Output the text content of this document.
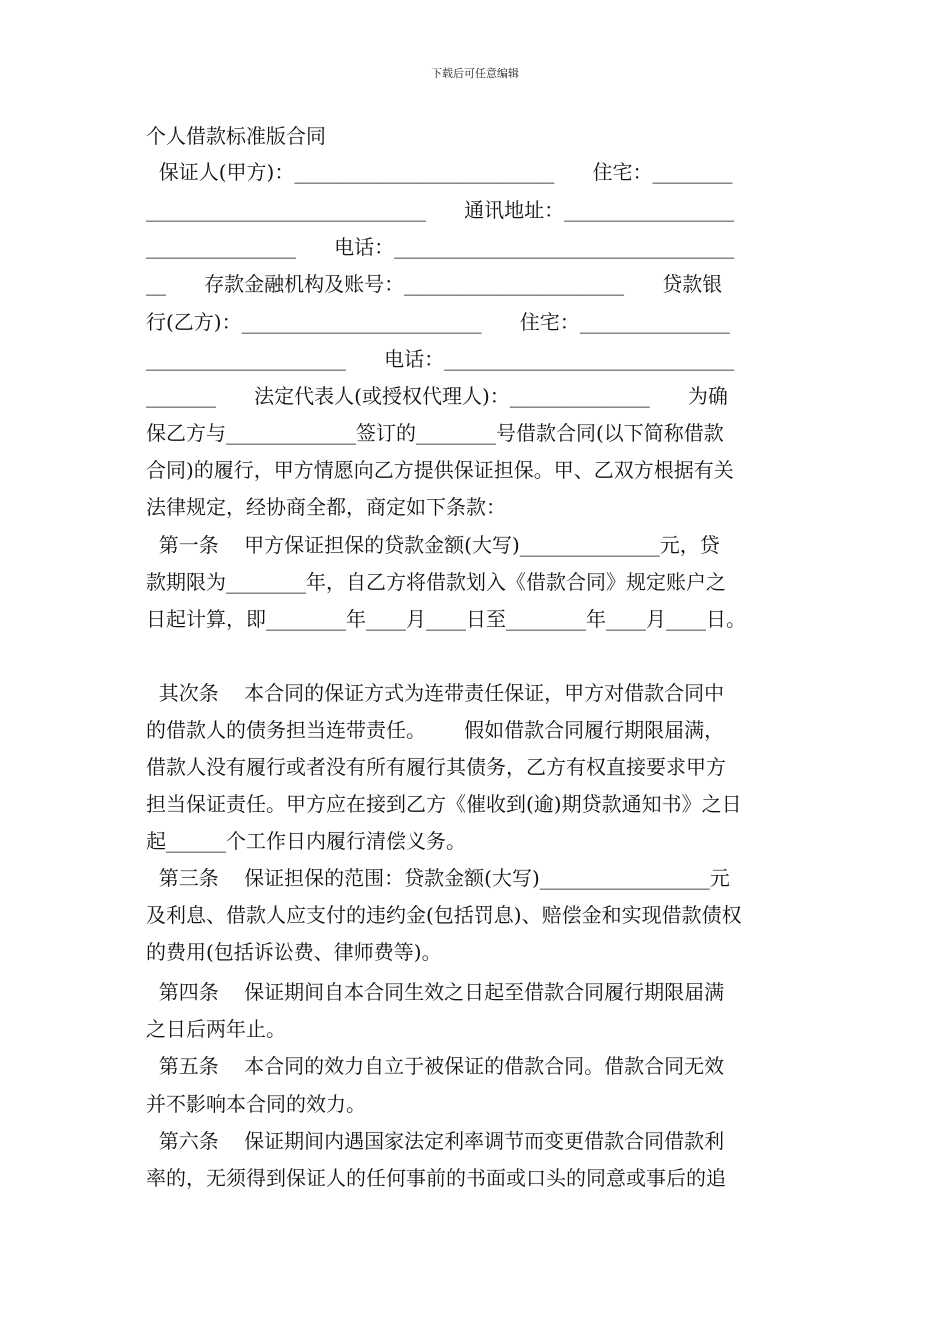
下载后可任意编辑
个人借款标准版合同
保证人(甲方)：__________________________      住宅：________
____________________________      通讯地址：_________________
_______________      电话：__________________________________
__      存款金融机构及账号：______________________      贷款银
行(乙方)：________________________      住宅：_______________
____________________      电话：_____________________________
_______      法定代表人(或授权代理人)：______________      为确
保乙方与_____________签订的________号借款合同(以下简称借款
合同)的履行，甲方情愿向乙方提供保证担保。甲、乙双方根据有关
法律规定，经协商全都，商定如下条款：
第一条    甲方保证担保的贷款金额(大写)______________元，贷
款期限为________年，自乙方将借款划入《借款合同》规定账户之
日起计算，即________年____月____日至________年____月____日。
其次条    本合同的保证方式为连带责任保证，甲方对借款合同中
的借款人的债务担当连带责任。      假如借款合同履行期限届满，
借款人没有履行或者没有所有履行其债务，乙方有权直接要求甲方
担当保证责任。甲方应在接到乙方《催收到(逾)期贷款通知书》之日
起______个工作日内履行清偿义务。
第三条    保证担保的范围：贷款金额(大写)_________________元
及利息、借款人应支付的违约金(包括罚息)、赔偿金和实现借款债权
的费用(包括诉讼费、律师费等)。
第四条    保证期间自本合同生效之日起至借款合同履行期限届满
之日后两年止。
第五条    本合同的效力自立于被保证的借款合同。借款合同无效
并不影响本合同的效力。
第六条    保证期间内遇国家法定利率调节而变更借款合同借款利
率的，无须得到保证人的任何事前的书面或口头的同意或事后的追
